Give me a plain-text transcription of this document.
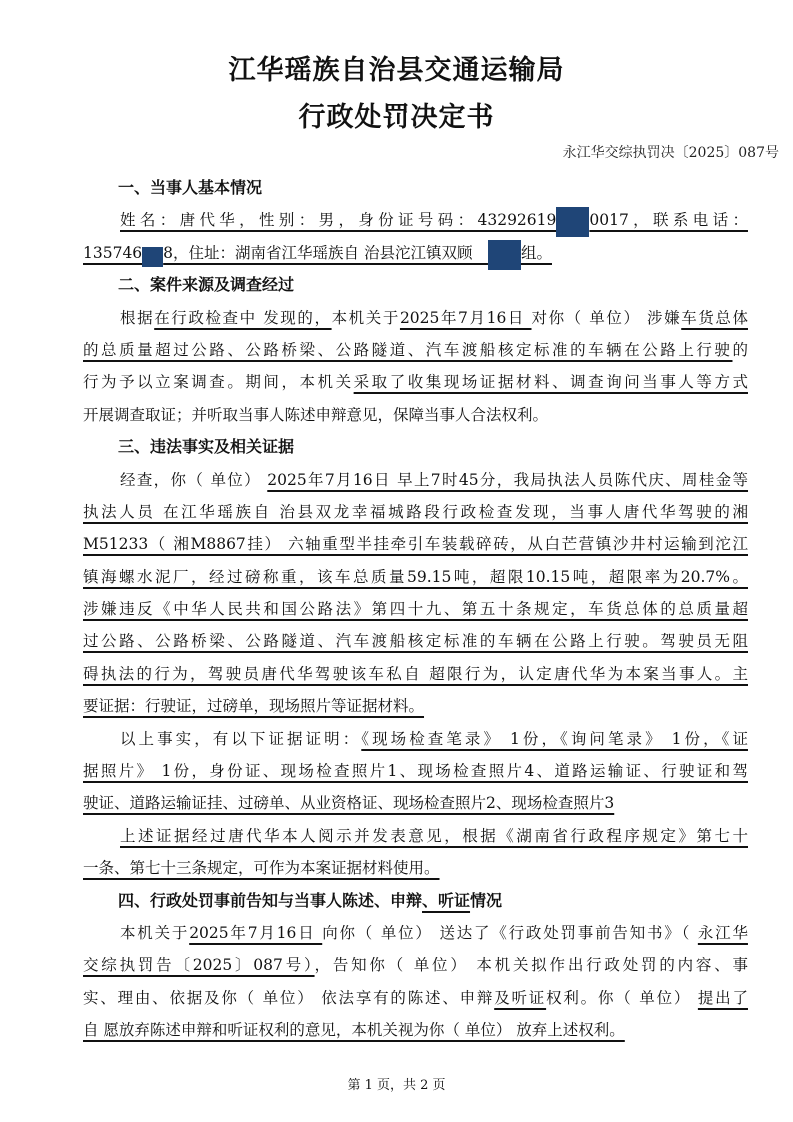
江华瑶族自治县交通运输局
行政处罚决定书
永江华交综执罚决〔2025〕087号
一、当事人基本情况
姓名：唐代华，性别：男，身份证号码：43292619 0017，联系电话：
135746 8，住址：湖南省江华瑶族自 治县沱江镇双顾　组。
二、案件来源及调查经过
根据在行政检查中 发现的，本机关于2025年7月16日 对你（ 单位） 涉嫌车货总体
的总质量超过公路、公路桥梁、公路隧道、汽车渡船核定标准的车辆在公路上行驶的
行为予以立案调查。期间，本机关采取了收集现场证据材料、调查询问当事人等方式
开展调查取证；并听取当事人陈述申辩意见，保障当事人合法权利。
三、违法事实及相关证据
经查，你（ 单位） 2025年7月16日 早上7时45分，我局执法人员陈代庆、周桂金等
执法人员 在江华瑶族自 治县双龙幸福城路段行政检查发现，当事人唐代华驾驶的湘
M51233（ 湘M8867挂） 六轴重型半挂牵引车装载碎砖，从白芒营镇沙井村运输到沱江
镇海螺水泥厂，经过磅称重，该车总质量59.15吨，超限10.15吨，超限率为20.7%。
涉嫌违反《中华人民共和国公路法》第四十九、第五十条规定，车货总体的总质量超
过公路、公路桥梁、公路隧道、汽车渡船核定标准的车辆在公路上行驶。驾驶员无阻
碍执法的行为，驾驶员唐代华驾驶该车私自 超限行为，认定唐代华为本案当事人。主
要证据：行驶证，过磅单，现场照片等证据材料。
以上事实，有以下证据证明：《现场检查笔录》 1份，《询问笔录》 1份，《证
据照片》 1份，身份证、现场检查照片1、现场检查照片4、道路运输证、行驶证和驾
驶证、道路运输证挂、过磅单、从业资格证、现场检查照片2、现场检查照片3
上述证据经过唐代华本人阅示并发表意见，根据《湖南省行政程序规定》第七十
一条、第七十三条规定，可作为本案证据材料使用。
四、行政处罚事前告知与当事人陈述、申辩、听证情况
本机关于2025年7月16日 向你（ 单位） 送达了《行政处罚事前告知书》（ 永江华
交综执罚告〔2025〕087号），告知你（ 单位） 本机关拟作出行政处罚的内容、事
实、理由、依据及你（ 单位） 依法享有的陈述、申辩及听证权利。你（ 单位） 提出了
自 愿放弃陈述申辩和听证权利的意见，本机关视为你（ 单位） 放弃上述权利。
第 1 页，共 2 页
